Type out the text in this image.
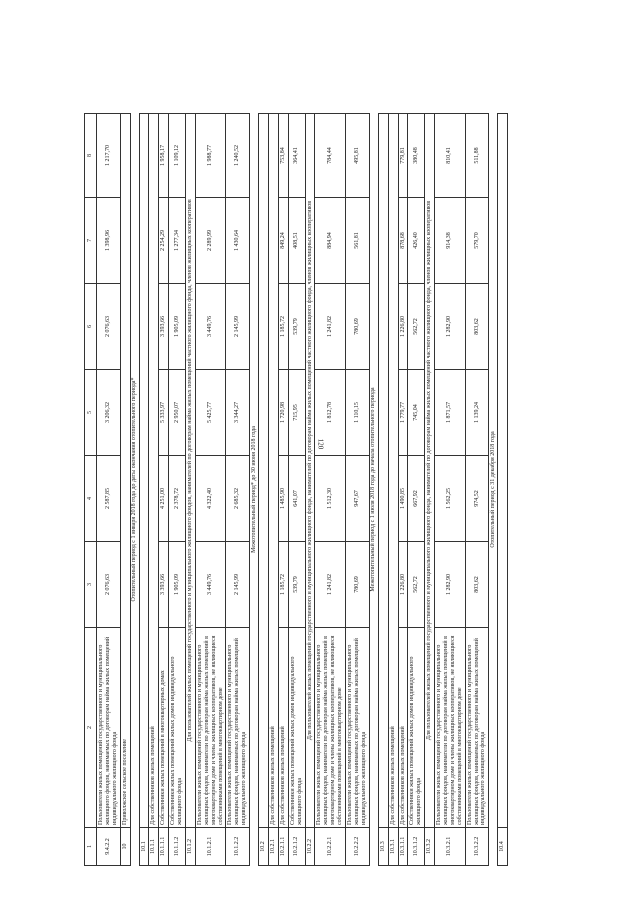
120
1	2	3	4	5	6	7	8
9.4.2.2	Пользователи жилых помещений государственного и муниципального жилищного фондов, нанимаемых по договорам найма жилых помещений индивидуального жилищного фонда	2 076,63	2 587,85	3 206,32	2 076,63	1 398,96	1 217,70
10	Приволжское сельское поселение						
Отопительный период с 1 января 2018 года до даты окончания отопительного периода*							
10.1							
10.1.1	Для собственников жилых помещений						
10.1.1.1	Собственники жилых помещений в многоквартирных домах	3 393,66	4 251,00	5 333,97	3 393,66	2 254,29	1 958,17
10.1.1.2	Собственники жилых помещений жилых домов индивидуального жилищного фонда	1 905,09	2 378,72	2 950,07	1 905,09	1 277,34	1 109,12
10.1.2	Для пользователей жилых помещений государственного и муниципального жилищного фондов, нанимателей по договорам найма жилых помещений частного жилищного фонда, членов жилищных кооперативов						
10.1.2.1	Пользователи жилых помещений государственного и муниципального жилищных фондов, наниматели по договорам найма жилых помещений в многоквартирном доме и члены жилищных кооперативов, не являющиеся собственниками помещений в многоквартирном доме	3 449,76	4 322,40	5 425,77	3 449,76	2 289,99	1 988,77
10.1.2.2	Пользователи жилых помещений государственного и муниципального жилищных фондов, нанимаемых по договорам найма жилых помещений индивидуального жилищного фонда	2 145,99	2 685,32	3 344,27	2 145,99	1 430,64	1 240,52
Межотопительный период* до 30 июня 2018 года							
10.2							
10.2.1	Для собственников жилых помещений						
10.2.1.1	Для собственников жилых помещений	1 185,72	1 485,90	1 720,98	1 185,72	849,24	753,84
10.2.1.2	Собственники жилых помещений жилых домов индивидуального жилищного фонда	539,79	641,07	715,95	539,79	408,51	364,41
10.2.2	Для пользователей жилых помещений государственного и муниципального жилищного фонда, нанимателей по договорам найма жилых помещений частного жилищного фонда, членов жилищных кооперативов						
10.2.2.1	Пользователи жилых помещений государственного и муниципального жилищных фондов, наниматели по договорам найма жилых помещений в многоквартирном доме и члены жилищных кооперативов, не являющиеся собственниками помещений в многоквартирном доме	1 241,82	1 512,30	1 812,78	1 241,82	884,94	784,44
10.2.2.2	Пользователи жилых помещений государственного и муниципального жилищных фондов, нанимаемых по договорам найма жилых помещений индивидуального жилищного фонда	780,69	947,67	1 110,15	780,69	561,81	495,81
Межотопительный период с 1 июля 2018 года до начала отопительного периода							
10.3							
10.3.1	Для собственников жилых помещений						
10.3.1.1	Для собственников жилых помещений	1 226,80	1 490,85	1 779,77	1 226,80	878,68	779,81
10.3.1.2	Собственники жилых помещений жилых домов индивидуального жилищного фонда	562,72	667,92	745,04	562,72	426,40	380,48
10.3.2	Для пользователей жилых помещений государственного и муниципального жилищного фонда, нанимателей по договорам найма жилых помещений частного жилищного фонда, членов жилищных кооперативов						
10.3.2.1	Пользователи жилых помещений государственного и муниципального жилищных фондов, наниматели по договорам найма жилых помещений в многоквартирном доме и члены жилищных кооперативов, не являющиеся собственниками помещений в многоквартирном доме	1 282,90	1 562,25	1 871,57	1 282,90	914,38	810,41
10.3.2.2	Пользователи жилых помещений государственного и муниципального жилищных фондов, нанимаемых по договорам найма жилых помещений индивидуального жилищного фонда	803,62	974,52	1 139,24	803,62	579,70	511,88
Отопительный период с 31 декабря 2018 года							
10.4							
